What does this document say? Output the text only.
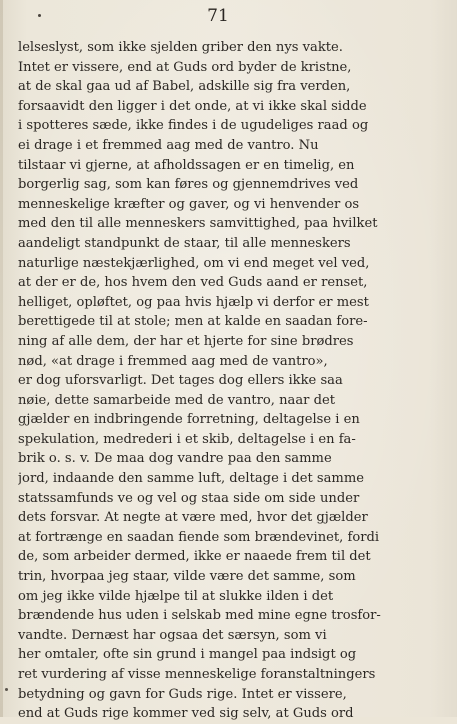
71
lelseslyst, som ikke sjelden griber den nys vakte.
Intet er vissere, end at Guds ord byder de kristne,
at de skal gaa ud af Babel, adskille sig fra verden,
forsaavidt den ligger i det onde, at vi ikke skal sidde
i spotteres sæde, ikke findes i de ugudeliges raad og
ei drage i et fremmed aag med de vantro. Nu
tilstaar vi gjerne, at afholdssagen er en timelig, en
borgerlig sag, som kan føres og gjennemdrives ved
menneskelige kræfter og gaver, og vi henvender os
med den til alle menneskers samvittighed, paa hvilket
aandeligt standpunkt de staar, til alle menneskers
naturlige næstekjærlighed, om vi end meget vel ved,
at der er de, hos hvem den ved Guds aand er renset,
helliget, opløftet, og paa hvis hjælp vi derfor er mest
berettigede til at stole; men at kalde en saadan fore-
ning af alle dem, der har et hjerte for sine brødres
nød, «at drage i fremmed aag med de vantro»,
er dog uforsvarligt. Det tages dog ellers ikke saa
nøie, dette samarbeide med de vantro, naar det
gjælder en indbringende forretning, deltagelse i en
spekulation, medrederi i et skib, deltagelse i en fa-
brik o. s. v. De maa dog vandre paa den samme
jord, indaande den samme luft, deltage i det samme
statssamfunds ve og vel og staa side om side under
dets forsvar. At negte at være med, hvor det gjælder
at fortrænge en saadan fiende som brændevinet, fordi
de, som arbeider dermed, ikke er naaede frem til det
trin, hvorpaa jeg staar, vilde være det samme, som
om jeg ikke vilde hjælpe til at slukke ilden i det
brændende hus uden i selskab med mine egne trosfor-
vandte. Dernæst har ogsaa det særsyn, som vi
her omtaler, ofte sin grund i mangel paa indsigt og
ret vurdering af visse menneskelige foranstaltningers
betydning og gavn for Guds rige. Intet er vissere,
end at Guds rige kommer ved sig selv, at Guds ord
